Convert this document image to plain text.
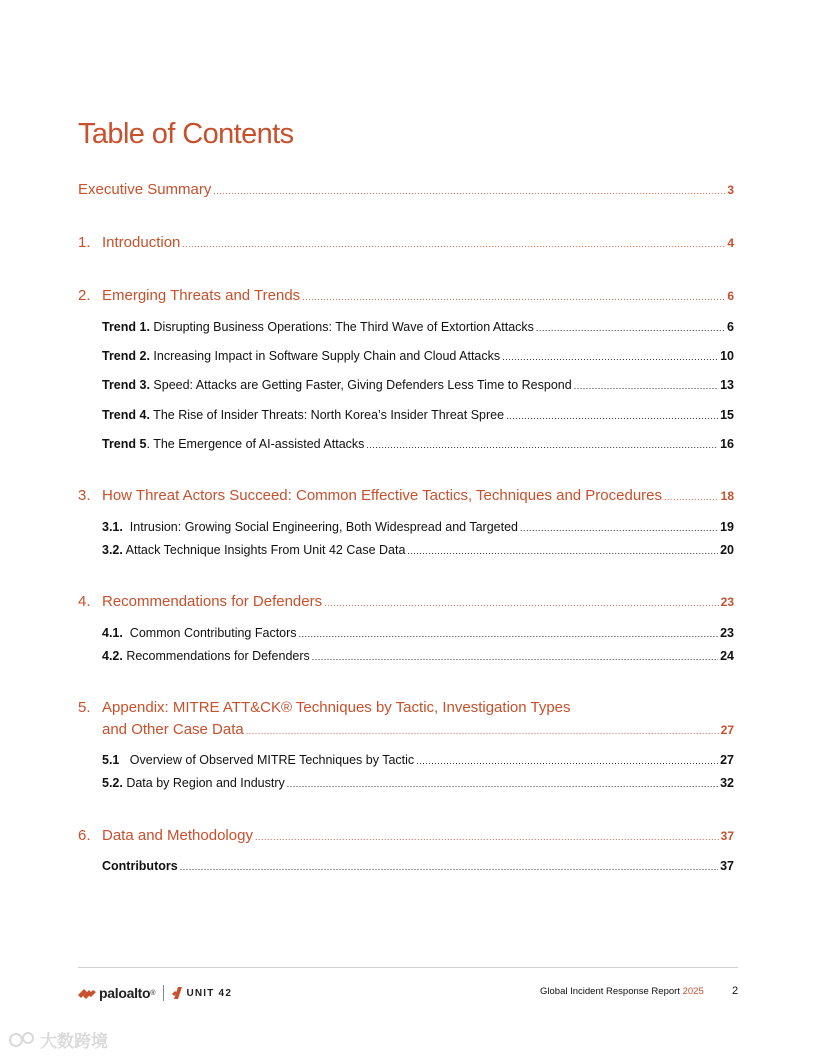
Table of Contents
Executive Summary .....	3
1. Introduction .....	4
2. Emerging Threats and Trends .....	6
Trend 1. Disrupting Business Operations: The Third Wave of Extortion Attacks .....	6
Trend 2. Increasing Impact in Software Supply Chain and Cloud Attacks .....	10
Trend 3. Speed: Attacks are Getting Faster, Giving Defenders Less Time to Respond .....	13
Trend 4. The Rise of Insider Threats: North Korea’s Insider Threat Spree .....	15
Trend 5 . The Emergence of AI-assisted Attacks .....	16
3. How Threat Actors Succeed: Common Effective Tactics, Techniques and Procedures .....	18
3.1. Intrusion: Growing Social Engineering, Both Widespread and Targeted .....	19
3.2. Attack Technique Insights From Unit 42 Case Data .....	20
4. Recommendations for Defenders .....	23
4.1. Common Contributing Factors .....	23
4.2. Recommendations for Defenders .....	24
5. Appendix: MITRE ATT&CK® Techniques by Tactic, Investigation Types
and Other Case Data .....	27
5.1 Overview of Observed MITRE Techniques by Tactic .....	27
5.2. Data by Region and Industry .....	32
6. Data and Methodology .....	37
Contributors .....	37
paloalto ®	UNIT 42	Global Incident Response Report 2025	2
大数跨境
